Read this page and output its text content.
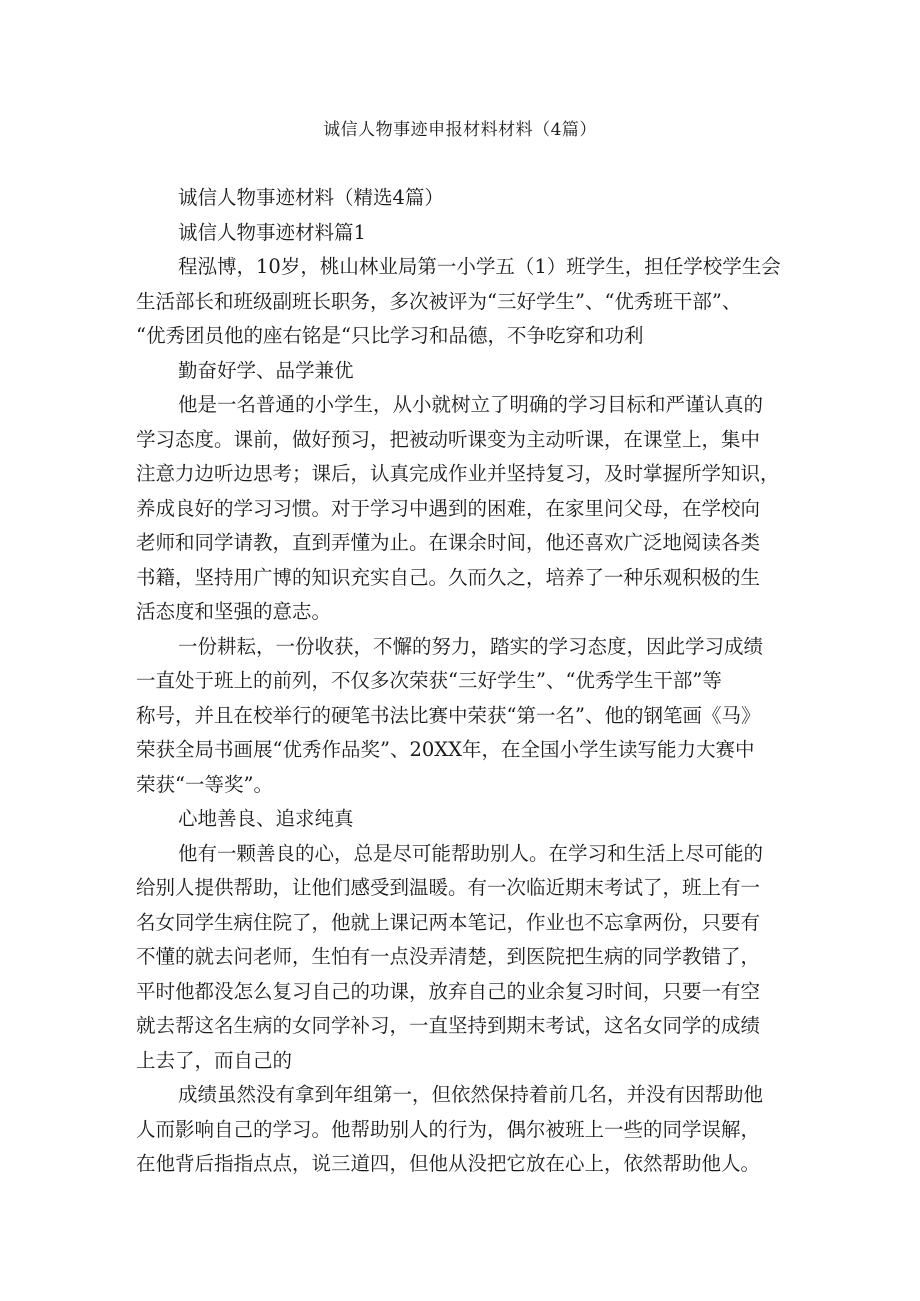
诚信人物事迹申报材料材料（4篇）
诚信人物事迹材料（精选4篇）
诚信人物事迹材料篇1
程泓博，10岁，桃山林业局第一小学五（1）班学生，担任学校学生会
生活部长和班级副班长职务，多次被评为“三好学生”、“优秀班干部”、
“优秀团员他的座右铭是“只比学习和品德，不争吃穿和功利
勤奋好学、品学兼优
他是一名普通的小学生，从小就树立了明确的学习目标和严谨认真的
学习态度。课前，做好预习，把被动听课变为主动听课，在课堂上，集中
注意力边听边思考；课后，认真完成作业并坚持复习，及时掌握所学知识，
养成良好的学习习惯。对于学习中遇到的困难，在家里问父母，在学校向
老师和同学请教，直到弄懂为止。在课余时间，他还喜欢广泛地阅读各类
书籍，坚持用广博的知识充实自己。久而久之，培养了一种乐观积极的生
活态度和坚强的意志。
一份耕耘，一份收获，不懈的努力，踏实的学习态度，因此学习成绩
一直处于班上的前列，不仅多次荣获“三好学生”、“优秀学生干部”等
称号，并且在校举行的硬笔书法比赛中荣获“第一名”、他的钢笔画《马》
荣获全局书画展“优秀作品奖”、20XX年，在全国小学生读写能力大赛中
荣获“一等奖”。
心地善良、追求纯真
他有一颗善良的心，总是尽可能帮助别人。在学习和生活上尽可能的
给别人提供帮助，让他们感受到温暖。有一次临近期末考试了，班上有一
名女同学生病住院了，他就上课记两本笔记，作业也不忘拿两份，只要有
不懂的就去问老师，生怕有一点没弄清楚，到医院把生病的同学教错了，
平时他都没怎么复习自己的功课，放弃自己的业余复习时间，只要一有空
就去帮这名生病的女同学补习，一直坚持到期末考试，这名女同学的成绩
上去了，而自己的
成绩虽然没有拿到年组第一，但依然保持着前几名，并没有因帮助他
人而影响自己的学习。他帮助别人的行为，偶尔被班上一些的同学误解，
在他背后指指点点，说三道四，但他从没把它放在心上，依然帮助他人。
